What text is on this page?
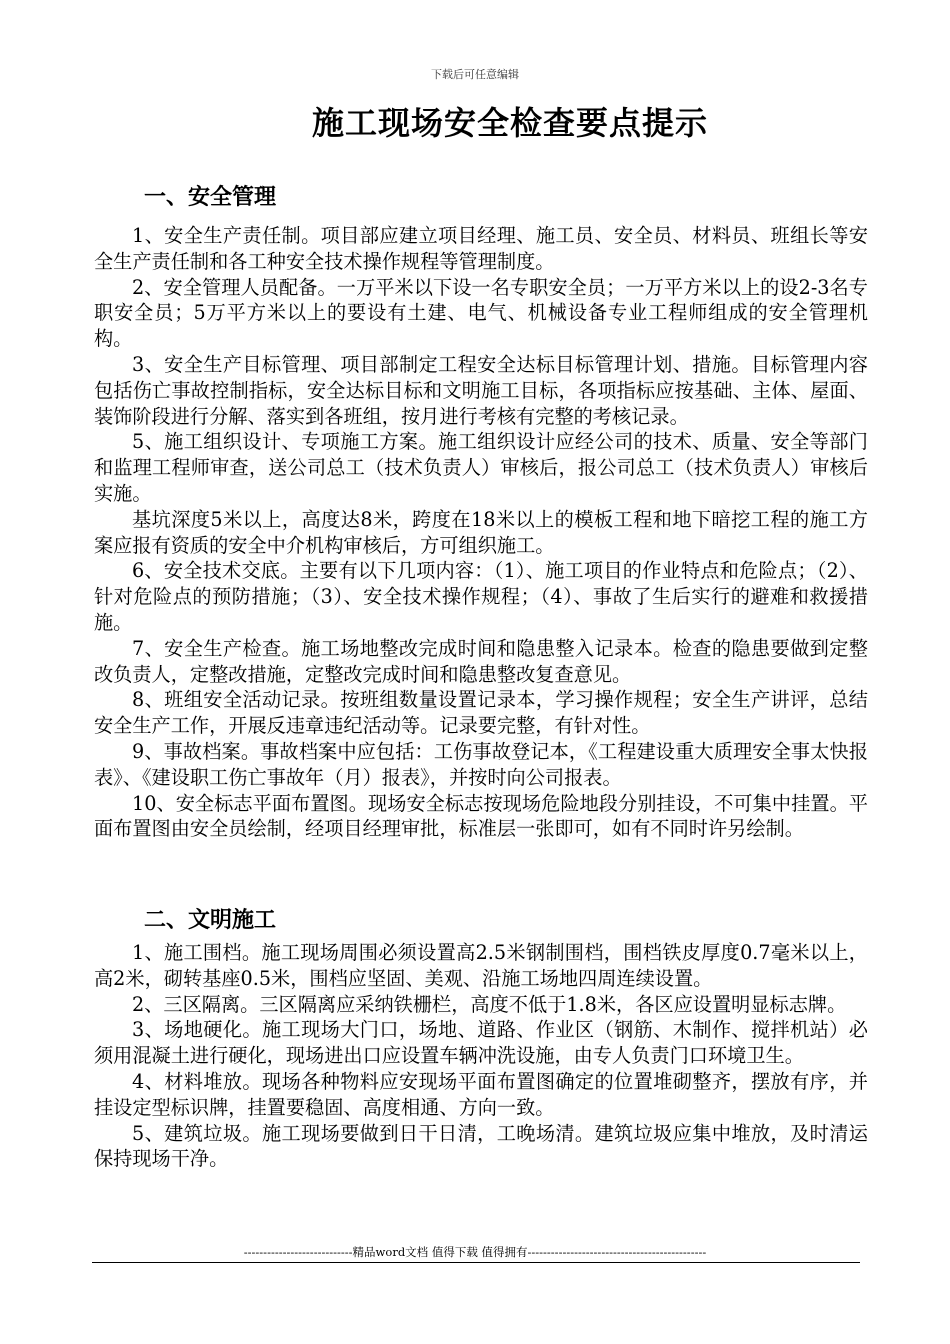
下载后可任意编辑
施工现场安全检查要点提示
一、安全管理

1、安全生产责任制。项目部应建立项目经理、施工员、安全员、材料员、班组长等安全生产责任制和各工种安全技术操作规程等管理制度。

2、安全管理人员配备。一万平米以下设一名专职安全员；一万平方米以上的设2-3名专职安全员；5万平方米以上的要设有土建、电气、机械设备专业工程师组成的安全管理机构。

3、安全生产目标管理、项目部制定工程安全达标目标管理计划、措施。目标管理内容包括伤亡事故控制指标，安全达标目标和文明施工目标，各项指标应按基础、主体、屋面、装饰阶段进行分解、落实到各班组，按月进行考核有完整的考核记录。

5、施工组织设计、专项施工方案。施工组织设计应经公司的技术、质量、安全等部门和监理工程师审查，送公司总工（技术负责人）审核后，报公司总工（技术负责人）审核后实施。

基坑深度5米以上，高度达8米，跨度在18米以上的模板工程和地下暗挖工程的施工方案应报有资质的安全中介机构审核后，方可组织施工。

6、安全技术交底。主要有以下几项内容：（1）、施工项目的作业特点和危险点；（2）、针对危险点的预防措施；（3）、安全技术操作规程；（4）、事故了生后实行的避难和救援措施。

7、安全生产检查。施工场地整改完成时间和隐患整入记录本。检查的隐患要做到定整改负责人，定整改措施，定整改完成时间和隐患整改复查意见。

8、班组安全活动记录。按班组数量设置记录本，学习操作规程；安全生产讲评，总结安全生产工作，开展反违章违纪活动等。记录要完整，有针对性。

9、事故档案。事故档案中应包括：工伤事故登记本，《工程建设重大质理安全事太快报表》、《建设职工伤亡事故年（月）报表》，并按时向公司报表。

10、安全标志平面布置图。现场安全标志按现场危险地段分别挂设，不可集中挂置。平面布置图由安全员绘制，经项目经理审批，标准层一张即可，如有不同时许另绘制。

二、文明施工

1、施工围档。施工现场周围必须设置高2.5米钢制围档，围档铁皮厚度0.7毫米以上，高2米，砌转基座0.5米，围档应坚固、美观、沿施工场地四周连续设置。

2、三区隔离。三区隔离应采纳铁栅栏，高度不低于1.8米，各区应设置明显标志牌。

3、场地硬化。施工现场大门口，场地、道路、作业区（钢筋、木制作、搅拌机站）必须用混凝土进行硬化，现场进出口应设置车辆冲洗设施，由专人负责门口环境卫生。

4、材料堆放。现场各种物料应安现场平面布置图确定的位置堆砌整齐，摆放有序，并挂设定型标识牌，挂置要稳固、高度相通、方向一致。

5、建筑垃圾。施工现场要做到日干日清，工晚场清。建筑垃圾应集中堆放，及时清运保持现场干净。

----------------------------精品word文档 值得下载 值得拥有----------------------------------------------
